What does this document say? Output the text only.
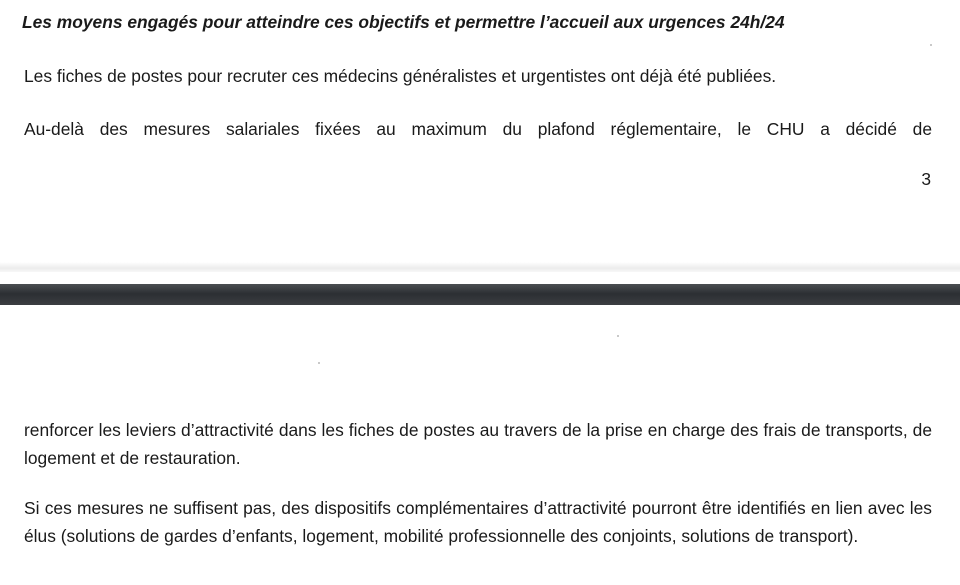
Les moyens engagés pour atteindre ces objectifs et permettre l’accueil aux urgences 24h/24

Les fiches de postes pour recruter ces médecins généralistes et urgentistes ont déjà été publiées.

Au-delà des mesures salariales fixées au maximum du plafond réglementaire, le CHU a décidé de

3

renforcer les leviers d’attractivité dans les fiches de postes au travers de la prise en charge des frais de transports, de logement et de restauration.

Si ces mesures ne suffisent pas, des dispositifs complémentaires d’attractivité pourront être identifiés en lien avec les élus (solutions de gardes d’enfants, logement, mobilité professionnelle des conjoints, solutions de transport).
